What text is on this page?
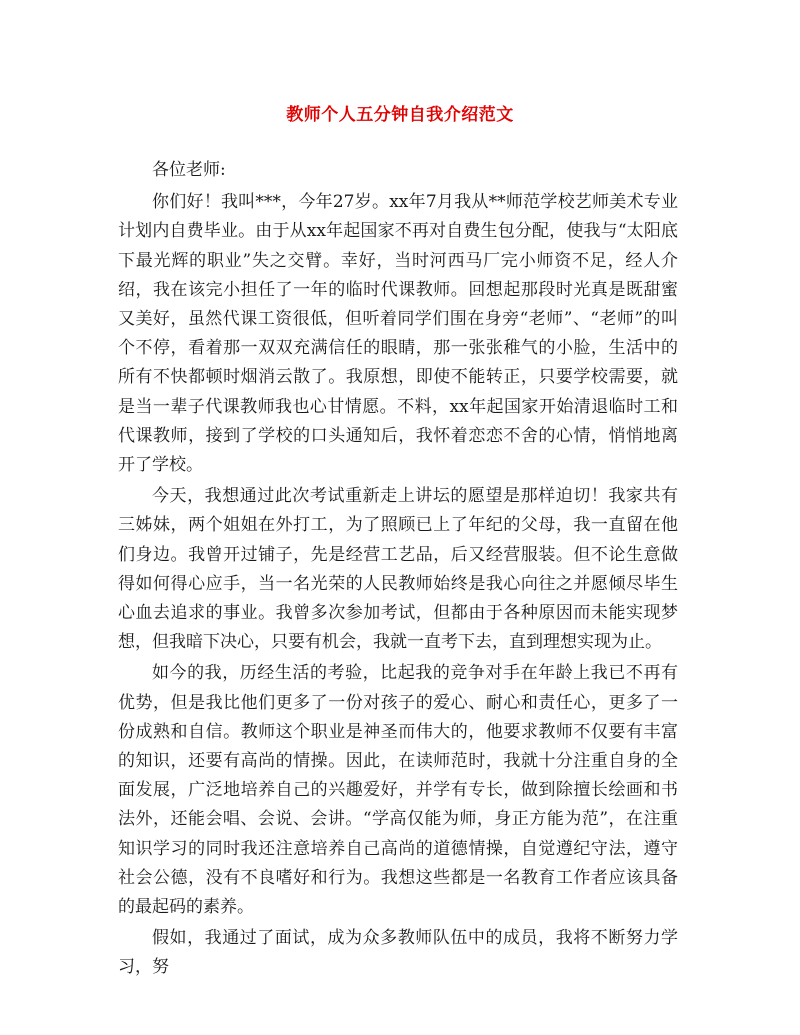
教师个人五分钟自我介绍范文

各位老师:

你们好！我叫***，今年27岁。xx年7月我从**师范学校艺师美术专业计划内自费毕业。由于从xx年起国家不再对自费生包分配，使我与“太阳底下最光辉的职业”失之交臂。幸好，当时河西马厂完小师资不足，经人介绍，我在该完小担任了一年的临时代课教师。回想起那段时光真是既甜蜜又美好，虽然代课工资很低，但听着同学们围在身旁“老师”、“老师”的叫个不停，看着那一双双充满信任的眼睛，那一张张稚气的小脸，生活中的所有不快都顿时烟消云散了。我原想，即使不能转正，只要学校需要，就是当一辈子代课教师我也心甘情愿。不料，xx年起国家开始清退临时工和代课教师，接到了学校的口头通知后，我怀着恋恋不舍的心情，悄悄地离开了学校。

今天，我想通过此次考试重新走上讲坛的愿望是那样迫切！我家共有三姊妹，两个姐姐在外打工，为了照顾已上了年纪的父母，我一直留在他们身边。我曾开过铺子，先是经营工艺品，后又经营服装。但不论生意做得如何得心应手，当一名光荣的人民教师始终是我心向往之并愿倾尽毕生心血去追求的事业。我曾多次参加考试，但都由于各种原因而未能实现梦想，但我暗下决心，只要有机会，我就一直考下去，直到理想实现为止。

如今的我，历经生活的考验，比起我的竞争对手在年龄上我已不再有优势，但是我比他们更多了一份对孩子的爱心、耐心和责任心，更多了一份成熟和自信。教师这个职业是神圣而伟大的，他要求教师不仅要有丰富的知识，还要有高尚的情操。因此，在读师范时，我就十分注重自身的全面发展，广泛地培养自己的兴趣爱好，并学有专长，做到除擅长绘画和书法外，还能会唱、会说、会讲。“学高仅能为师，身正方能为范”，在注重知识学习的同时我还注意培养自己高尚的道德情操，自觉遵纪守法，遵守社会公德，没有不良嗜好和行为。我想这些都是一名教育工作者应该具备的最起码的素养。

假如，我通过了面试，成为众多教师队伍中的成员，我将不断努力学习，努
